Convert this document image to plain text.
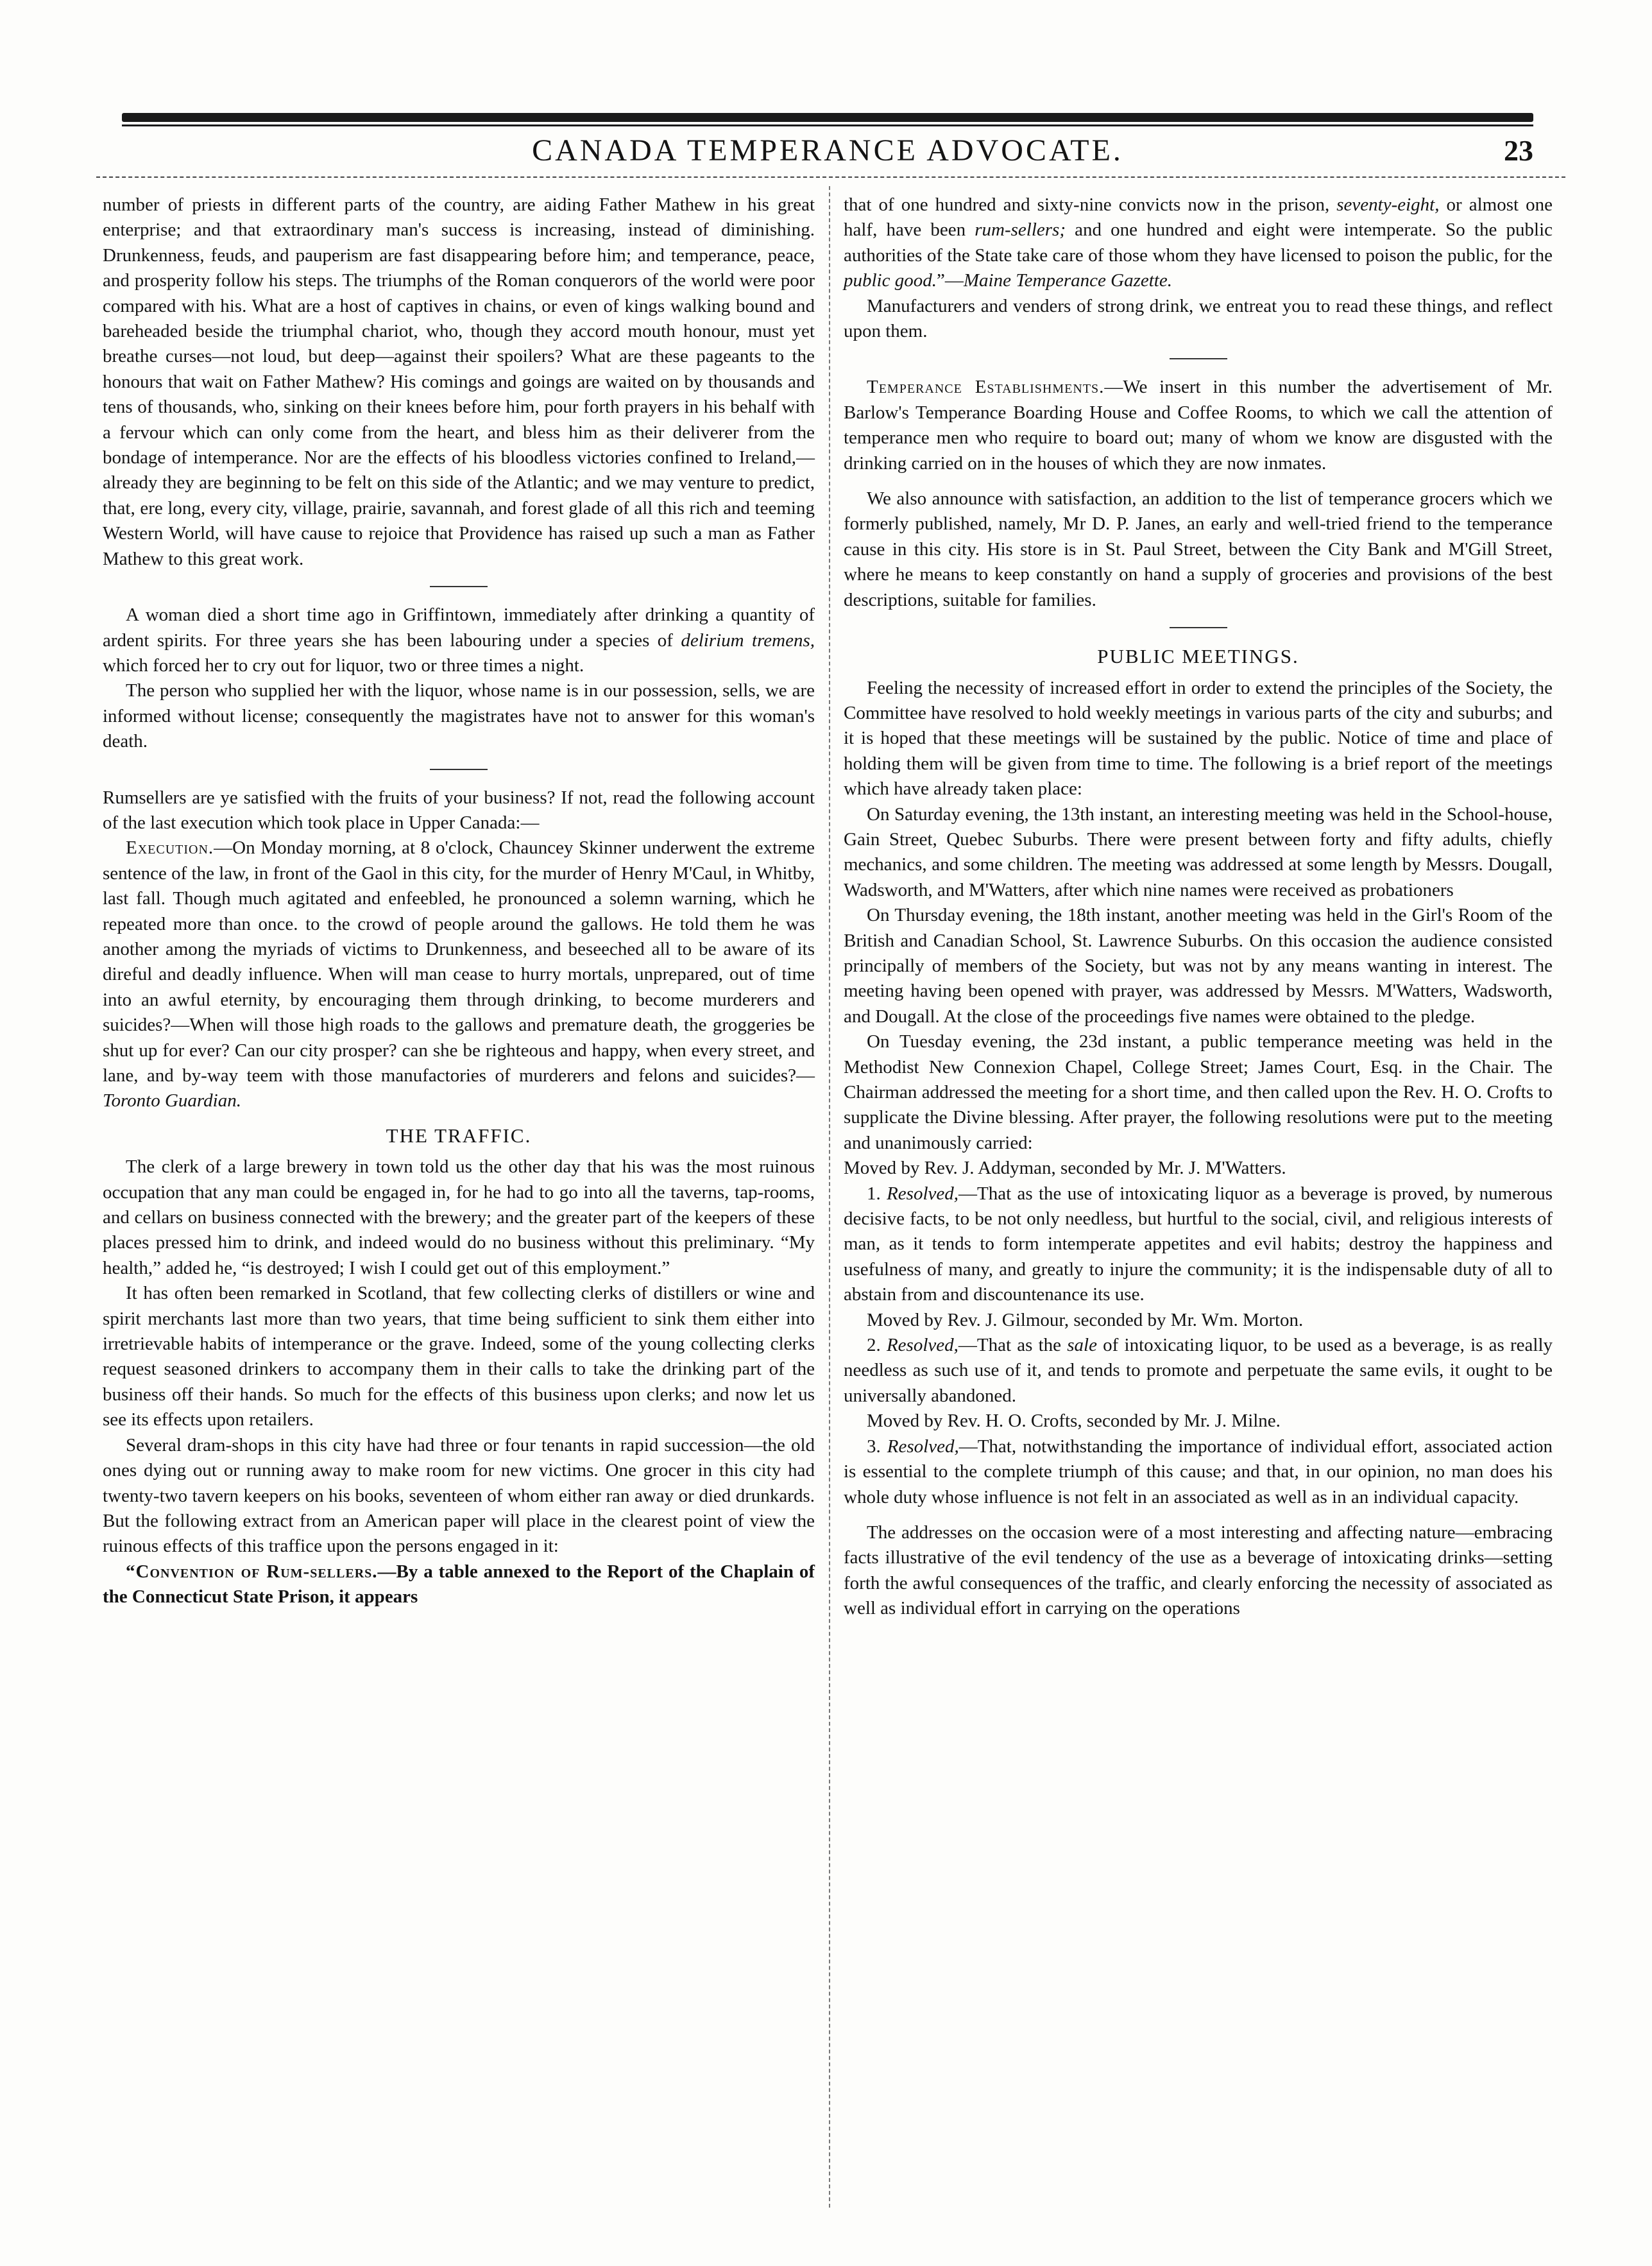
CANADA TEMPERANCE ADVOCATE.	23

number of priests in different parts of the country, are aiding Father Mathew in his great enterprise; and that extraordinary man's success is increasing, instead of diminishing. Drunkenness, feuds, and pauperism are fast disappearing before him; and temperance, peace, and prosperity follow his steps. The triumphs of the Roman conquerors of the world were poor compared with his. What are a host of captives in chains, or even of kings walking bound and bareheaded beside the triumphal chariot, who, though they accord mouth honour, must yet breathe curses—not loud, but deep—against their spoilers? What are these pageants to the honours that wait on Father Mathew? His comings and goings are waited on by thousands and tens of thousands, who, sinking on their knees before him, pour forth prayers in his behalf with a fervour which can only come from the heart, and bless him as their deliverer from the bondage of intemperance. Nor are the effects of his bloodless victories confined to Ireland,—already they are beginning to be felt on this side of the Atlantic; and we may venture to predict, that, ere long, every city, village, prairie, savannah, and forest glade of all this rich and teeming Western World, will have cause to rejoice that Providence has raised up such a man as Father Mathew to this great work.

A woman died a short time ago in Griffintown, immediately after drinking a quantity of ardent spirits. For three years she has been labouring under a species of delirium tremens, which forced her to cry out for liquor, two or three times a night.

The person who supplied her with the liquor, whose name is in our possession, sells, we are informed without license; consequently the magistrates have not to answer for this woman's death.

Rumsellers are ye satisfied with the fruits of your business? If not, read the following account of the last execution which took place in Upper Canada:—

Execution.—On Monday morning, at 8 o'clock, Chauncey Skinner underwent the extreme sentence of the law, in front of the Gaol in this city, for the murder of Henry M'Caul, in Whitby, last fall. Though much agitated and enfeebled, he pronounced a solemn warning, which he repeated more than once. to the crowd of people around the gallows. He told them he was another among the myriads of victims to Drunkenness, and beseeched all to be aware of its direful and deadly influence. When will man cease to hurry mortals, unprepared, out of time into an awful eternity, by encouraging them through drinking, to become murderers and suicides?—When will those high roads to the gallows and premature death, the groggeries be shut up for ever? Can our city prosper? can she be righteous and happy, when every street, and lane, and by-way teem with those manufactories of murderers and felons and suicides?—Toronto Guardian.

THE TRAFFIC.

The clerk of a large brewery in town told us the other day that his was the most ruinous occupation that any man could be engaged in, for he had to go into all the taverns, tap-rooms, and cellars on business connected with the brewery; and the greater part of the keepers of these places pressed him to drink, and indeed would do no business without this preliminary. “My health,” added he, “is destroyed; I wish I could get out of this employment.”

It has often been remarked in Scotland, that few collecting clerks of distillers or wine and spirit merchants last more than two years, that time being sufficient to sink them either into irretrievable habits of intemperance or the grave. Indeed, some of the young collecting clerks request seasoned drinkers to accompany them in their calls to take the drinking part of the business off their hands. So much for the effects of this business upon clerks; and now let us see its effects upon retailers.

Several dram-shops in this city have had three or four tenants in rapid succession—the old ones dying out or running away to make room for new victims. One grocer in this city had twenty-two tavern keepers on his books, seventeen of whom either ran away or died drunkards. But the following extract from an American paper will place in the clearest point of view the ruinous effects of this traffice upon the persons engaged in it:

“Convention of Rum-sellers.—By a table annexed to the Report of the Chaplain of the Connecticut State Prison, it appears

that of one hundred and sixty-nine convicts now in the prison, seventy-eight, or almost one half, have been rum-sellers; and one hundred and eight were intemperate. So the public authorities of the State take care of those whom they have licensed to poison the public, for the public good.”—Maine Temperance Gazette.

Manufacturers and venders of strong drink, we entreat you to read these things, and reflect upon them.

Temperance Establishments.—We insert in this number the advertisement of Mr. Barlow's Temperance Boarding House and Coffee Rooms, to which we call the attention of temperance men who require to board out; many of whom we know are disgusted with the drinking carried on in the houses of which they are now inmates.

We also announce with satisfaction, an addition to the list of temperance grocers which we formerly published, namely, Mr D. P. Janes, an early and well-tried friend to the temperance cause in this city. His store is in St. Paul Street, between the City Bank and M'Gill Street, where he means to keep constantly on hand a supply of groceries and provisions of the best descriptions, suitable for families.

PUBLIC MEETINGS.

Feeling the necessity of increased effort in order to extend the principles of the Society, the Committee have resolved to hold weekly meetings in various parts of the city and suburbs; and it is hoped that these meetings will be sustained by the public. Notice of time and place of holding them will be given from time to time. The following is a brief report of the meetings which have already taken place:

On Saturday evening, the 13th instant, an interesting meeting was held in the School-house, Gain Street, Quebec Suburbs. There were present between forty and fifty adults, chiefly mechanics, and some children. The meeting was addressed at some length by Messrs. Dougall, Wadsworth, and M'Watters, after which nine names were received as probationers

On Thursday evening, the 18th instant, another meeting was held in the Girl's Room of the British and Canadian School, St. Lawrence Suburbs. On this occasion the audience consisted principally of members of the Society, but was not by any means wanting in interest. The meeting having been opened with prayer, was addressed by Messrs. M'Watters, Wadsworth, and Dougall. At the close of the proceedings five names were obtained to the pledge.

On Tuesday evening, the 23d instant, a public temperance meeting was held in the Methodist New Connexion Chapel, College Street; James Court, Esq. in the Chair. The Chairman addressed the meeting for a short time, and then called upon the Rev. H. O. Crofts to supplicate the Divine blessing. After prayer, the following resolutions were put to the meeting and unanimously carried:

Moved by Rev. J. Addyman, seconded by Mr. J. M'Watters.

1. Resolved,—That as the use of intoxicating liquor as a beverage is proved, by numerous decisive facts, to be not only needless, but hurtful to the social, civil, and religious interests of man, as it tends to form intemperate appetites and evil habits; destroy the happiness and usefulness of many, and greatly to injure the community; it is the indispensable duty of all to abstain from and discountenance its use.

Moved by Rev. J. Gilmour, seconded by Mr. Wm. Morton.

2. Resolved,—That as the sale of intoxicating liquor, to be used as a beverage, is as really needless as such use of it, and tends to promote and perpetuate the same evils, it ought to be universally abandoned.

Moved by Rev. H. O. Crofts, seconded by Mr. J. Milne.

3. Resolved,—That, notwithstanding the importance of individual effort, associated action is essential to the complete triumph of this cause; and that, in our opinion, no man does his whole duty whose influence is not felt in an associated as well as in an individual capacity.

The addresses on the occasion were of a most interesting and affecting nature—embracing facts illustrative of the evil tendency of the use as a beverage of intoxicating drinks—setting forth the awful consequences of the traffic, and clearly enforcing the necessity of associated as well as individual effort in carrying on the operations
